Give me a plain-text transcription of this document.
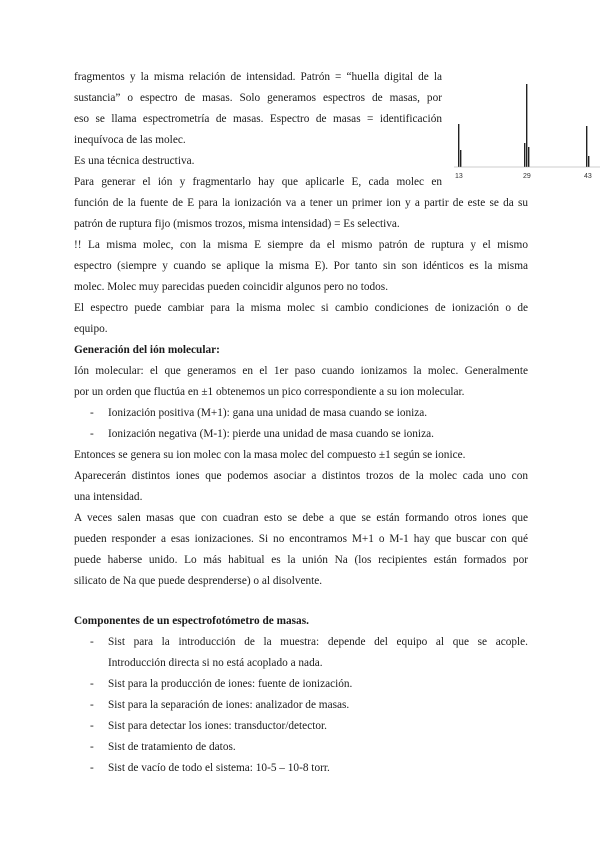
13	29	43
fragmentos y la misma relación de intensidad. Patrón = “huella digital de la
sustancia” o espectro de masas. Solo generamos espectros de masas, por
eso se llama espectrometría de masas. Espectro de masas = identificación
inequívoca de las molec.
Es una técnica destructiva.
Para generar el ión y fragmentarlo hay que aplicarle E, cada molec en
función de la fuente de E para la ionización va a tener un primer ion y a partir de este se da su
patrón de ruptura fijo (mismos trozos, misma intensidad) = Es selectiva.
!! La misma molec, con la misma E siempre da el mismo patrón de ruptura y el mismo
espectro (siempre y cuando se aplique la misma E). Por tanto sin son idénticos es la misma
molec. Molec muy parecidas pueden coincidir algunos pero no todos.
El espectro puede cambiar para la misma molec si cambio condiciones de ionización o de
equipo.
Generación del ión molecular:
Ión molecular: el que generamos en el 1er paso cuando ionizamos la molec. Generalmente
por un orden que fluctúa en ±1 obtenemos un pico correspondiente a su ion molecular.
- Ionización positiva (M+1): gana una unidad de masa cuando se ioniza.
- Ionización negativa (M-1): pierde una unidad de masa cuando se ioniza.
Entonces se genera su ion molec con la masa molec del compuesto ±1 según se ionice.
Aparecerán distintos iones que podemos asociar a distintos trozos de la molec cada uno con
una intensidad.
A veces salen masas que con cuadran esto se debe a que se están formando otros iones que
pueden responder a esas ionizaciones. Si no encontramos M+1 o M-1 hay que buscar con qué
puede haberse unido. Lo más habitual es la unión Na (los recipientes están formados por
silicato de Na que puede desprenderse) o al disolvente.
Componentes de un espectrofotómetro de masas.
- Sist para la introducción de la muestra: depende del equipo al que se acople.
Introducción directa si no está acoplado a nada.
- Sist para la producción de iones: fuente de ionización.
- Sist para la separación de iones: analizador de masas.
- Sist para detectar los iones: transductor/detector.
- Sist de tratamiento de datos.
- Sist de vacío de todo el sistema: 10-5 – 10-8 torr.
